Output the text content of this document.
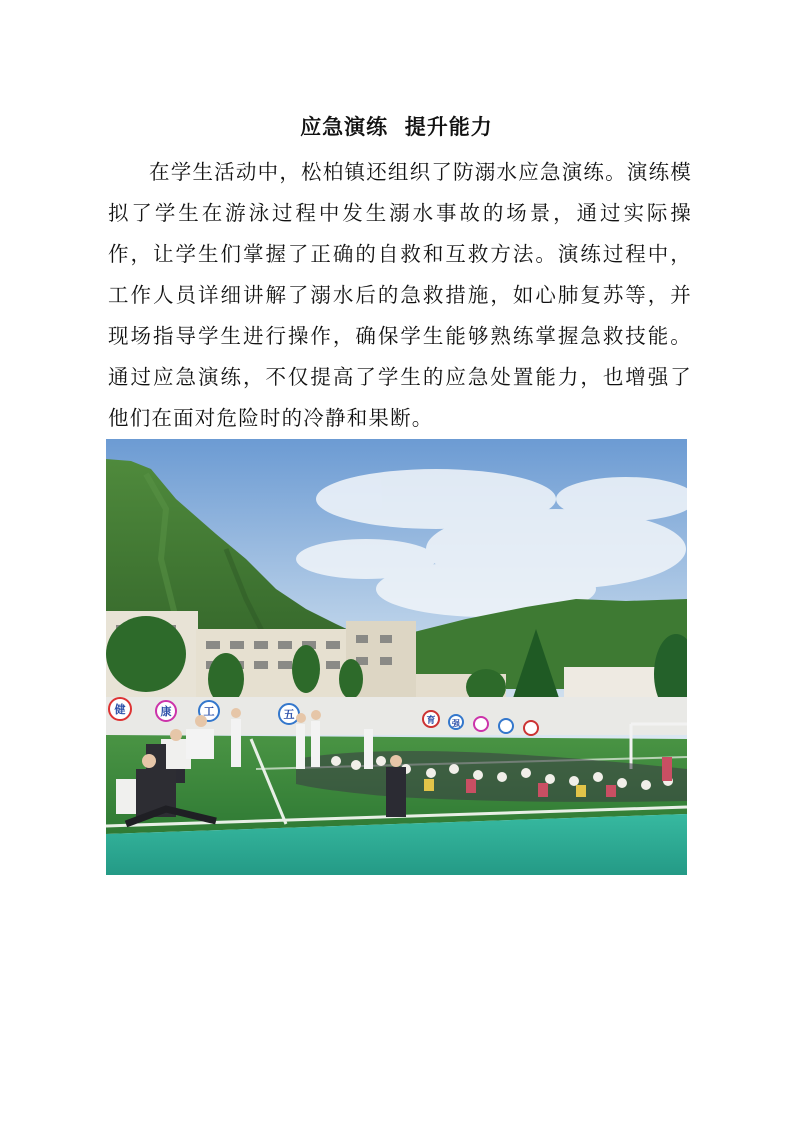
应急演练  提升能力

在学生活动中，松柏镇还组织了防溺水应急演练。演练模拟了学生在游泳过程中发生溺水事故的场景，通过实际操作，让学生们掌握了正确的自救和互救方法。演练过程中，工作人员详细讲解了溺水后的急救措施，如心肺复苏等，并现场指导学生进行操作，确保学生能够熟练掌握急救技能。通过应急演练，不仅提高了学生的应急处置能力，也增强了他们在面对危险时的冷静和果断。

健	康	工	五	育 强
